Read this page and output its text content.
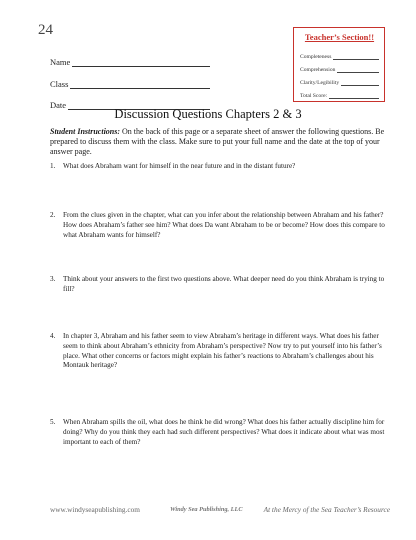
24
Name
Class
Date
Teacher’s Section!!
Completeness
Comprehension
Clarity/Legibility
Total Score:
Discussion Questions Chapters 2 & 3
Student Instructions: On the back of this page or a separate sheet of answer the following questions. Be prepared to discuss them with the class. Make sure to put your full name and the date at the top of your answer page.
1.	What does Abraham want for himself in the near future and in the distant future?
2.	From the clues given in the chapter, what can you infer about the relationship between Abraham and his father? How does Abraham’s father see him? What does Da want Abraham to be or become? How does this compare to what Abraham wants for himself?
3.	Think about your answers to the first two questions above. What deeper need do you think Abraham is trying to fill?
4.	In chapter 3, Abraham and his father seem to view Abraham’s heritage in different ways. What does his father seem to think about Abraham’s ethnicity from Abraham’s perspective? Now try to put yourself into his father’s place. What other concerns or factors might explain his father’s reactions to Abraham’s challenges about his Montauk heritage?
5.	When Abraham spills the oil, what does he think he did wrong? What does his father actually discipline him for doing? Why do you think they each had such different perspectives? What does it indicate about what was most important to each of them?
www.windyseapublishing.com	Windy Sea Publishing, LLC	At the Mercy of the Sea Teacher’s Resource
